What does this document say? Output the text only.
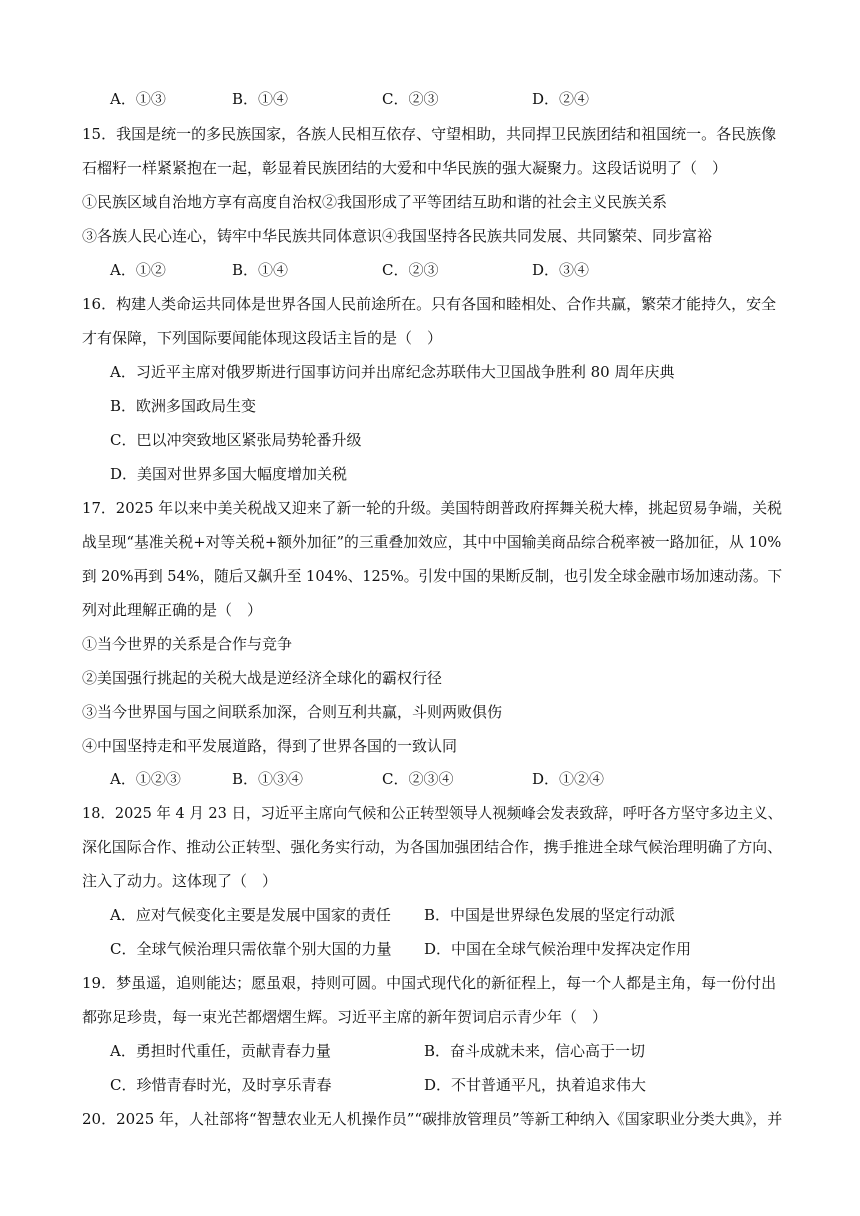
A．①③	B．①④	C．②③	D．②④
15．我国是统一的多民族国家，各族人民相互依存、守望相助，共同捍卫民族团结和祖国统一。各民族像
石榴籽一样紧紧抱在一起，彰显着民族团结的大爱和中华民族的强大凝聚力。这段话说明了（　）
①民族区域自治地方享有高度自治权②我国形成了平等团结互助和谐的社会主义民族关系
③各族人民心连心，铸牢中华民族共同体意识④我国坚持各民族共同发展、共同繁荣、同步富裕
A．①②	B．①④	C．②③	D．③④
16．构建人类命运共同体是世界各国人民前途所在。只有各国和睦相处、合作共赢，繁荣才能持久，安全
才有保障，下列国际要闻能体现这段话主旨的是（　）
A．习近平主席对俄罗斯进行国事访问并出席纪念苏联伟大卫国战争胜利 80 周年庆典
B．欧洲多国政局生变
C．巴以冲突致地区紧张局势轮番升级
D．美国对世界多国大幅度增加关税
17．2025 年以来中美关税战又迎来了新一轮的升级。美国特朗普政府挥舞关税大棒，挑起贸易争端，关税
战呈现“基准关税+对等关税+额外加征”的三重叠加效应，其中中国输美商品综合税率被一路加征，从 10%
到 20%再到 54%，随后又飙升至 104%、125%。引发中国的果断反制，也引发全球金融市场加速动荡。下
列对此理解正确的是（　）
①当今世界的关系是合作与竞争
②美国强行挑起的关税大战是逆经济全球化的霸权行径
③当今世界国与国之间联系加深，合则互利共赢，斗则两败俱伤
④中国坚持走和平发展道路，得到了世界各国的一致认同
A．①②③	B．①③④	C．②③④	D．①②④
18．2025 年 4 月 23 日，习近平主席向气候和公正转型领导人视频峰会发表致辞，呼吁各方坚守多边主义、
深化国际合作、推动公正转型、强化务实行动，为各国加强团结合作，携手推进全球气候治理明确了方向、
注入了动力。这体现了（　）
A．应对气候变化主要是发展中国家的责任 B．中国是世界绿色发展的坚定行动派
C．全球气候治理只需依靠个别大国的力量 D．中国在全球气候治理中发挥决定作用
19．梦虽遥，追则能达；愿虽艰，持则可圆。中国式现代化的新征程上，每一个人都是主角，每一份付出
都弥足珍贵，每一束光芒都熠熠生辉。习近平主席的新年贺词启示青少年（　）
A．勇担时代重任，贡献青春力量	B．奋斗成就未来，信心高于一切
C．珍惜青春时光，及时享乐青春	D．不甘普通平凡，执着追求伟大
20．2025 年，人社部将“智慧农业无人机操作员”“碳排放管理员”等新工种纳入《国家职业分类大典》，并
